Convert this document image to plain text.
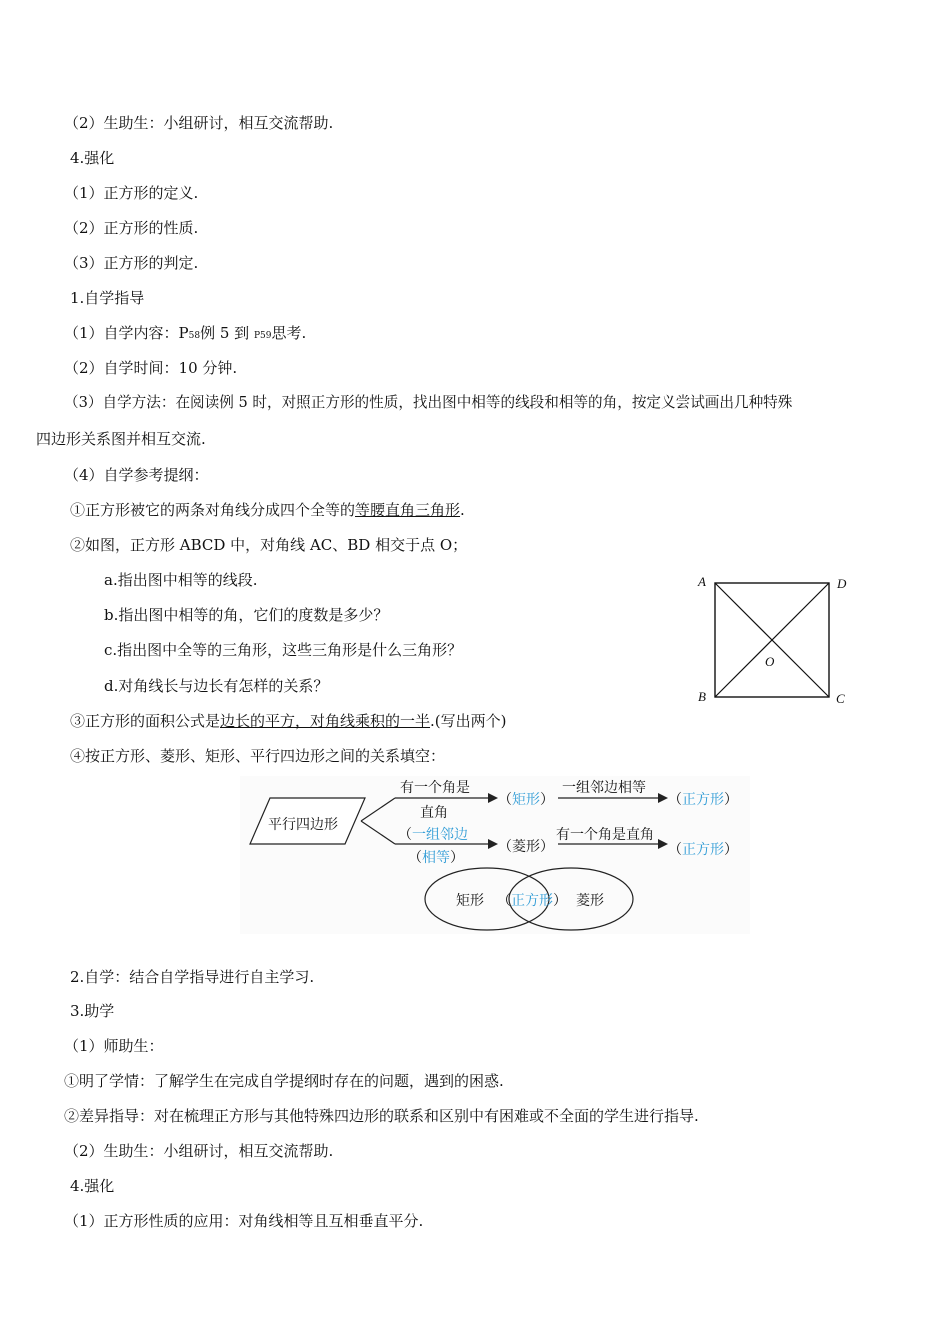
（2）生助生：小组研讨，相互交流帮助.
4.强化
（1）正方形的定义.
（2）正方形的性质.
（3）正方形的判定.
1.自学指导
（1）自学内容：P58例 5 到 P59思考.
（2）自学时间：10 分钟.
（3）自学方法：在阅读例 5 时，对照正方形的性质，找出图中相等的线段和相等的角，按定义尝试画出几种特殊
四边形关系图并相互交流.
（4）自学参考提纲：
①正方形被它的两条对角线分成四个全等的等腰直角三角形.
②如图，正方形 ABCD 中，对角线 AC、BD 相交于点 O；
a.指出图中相等的线段.
b.指出图中相等的角，它们的度数是多少？
c.指出图中全等的三角形，这些三角形是什么三角形？
d.对角线长与边长有怎样的关系？
③正方形的面积公式是边长的平方，对角线乘积的一半.(写出两个)
④按正方形、菱形、矩形、平行四边形之间的关系填空：
A	D
B	C
O
平行四边形
有一个角是
直角
（矩形）
一组邻边相等
（正方形）
（一组邻边
（相等）
（菱形）
有一个角是直角
（正方形）
矩形 （正方形） 菱形
2.自学：结合自学指导进行自主学习.
3.助学
（1）师助生：
①明了学情：了解学生在完成自学提纲时存在的问题，遇到的困惑.
②差异指导：对在梳理正方形与其他特殊四边形的联系和区别中有困难或不全面的学生进行指导.
（2）生助生：小组研讨，相互交流帮助.
4.强化
（1）正方形性质的应用：对角线相等且互相垂直平分.
